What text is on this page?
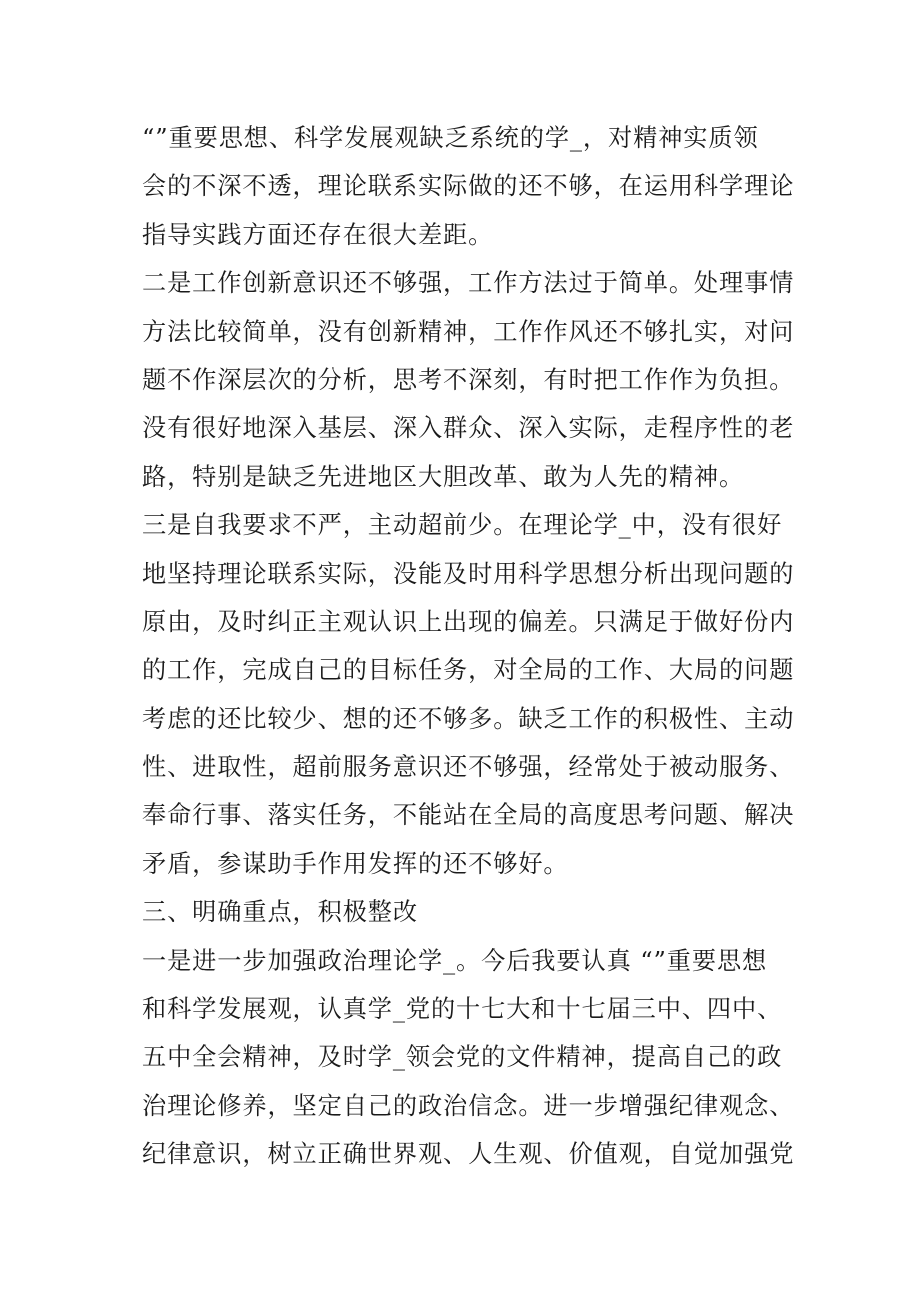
“”重要思想、科学发展观缺乏系统的学_，对精神实质领
会的不深不透，理论联系实际做的还不够，在运用科学理论
指导实践方面还存在很大差距。
二是工作创新意识还不够强，工作方法过于简单。处理事情
方法比较简单，没有创新精神，工作作风还不够扎实，对问
题不作深层次的分析，思考不深刻，有时把工作作为负担。
没有很好地深入基层、深入群众、深入实际，走程序性的老
路，特别是缺乏先进地区大胆改革、敢为人先的精神。
三是自我要求不严，主动超前少。在理论学_中，没有很好
地坚持理论联系实际，没能及时用科学思想分析出现问题的
原由，及时纠正主观认识上出现的偏差。只满足于做好份内
的工作，完成自己的目标任务，对全局的工作、大局的问题
考虑的还比较少、想的还不够多。缺乏工作的积极性、主动
性、进取性，超前服务意识还不够强，经常处于被动服务、
奉命行事、落实任务，不能站在全局的高度思考问题、解决
矛盾，参谋助手作用发挥的还不够好。
三、明确重点，积极整改
一是进一步加强政治理论学_。今后我要认真 “”重要思想
和科学发展观，认真学_党的十七大和十七届三中、四中、
五中全会精神，及时学_领会党的文件精神，提高自己的政
治理论修养，坚定自己的政治信念。进一步增强纪律观念、
纪律意识，树立正确世界观、人生观、价值观，自觉加强党
